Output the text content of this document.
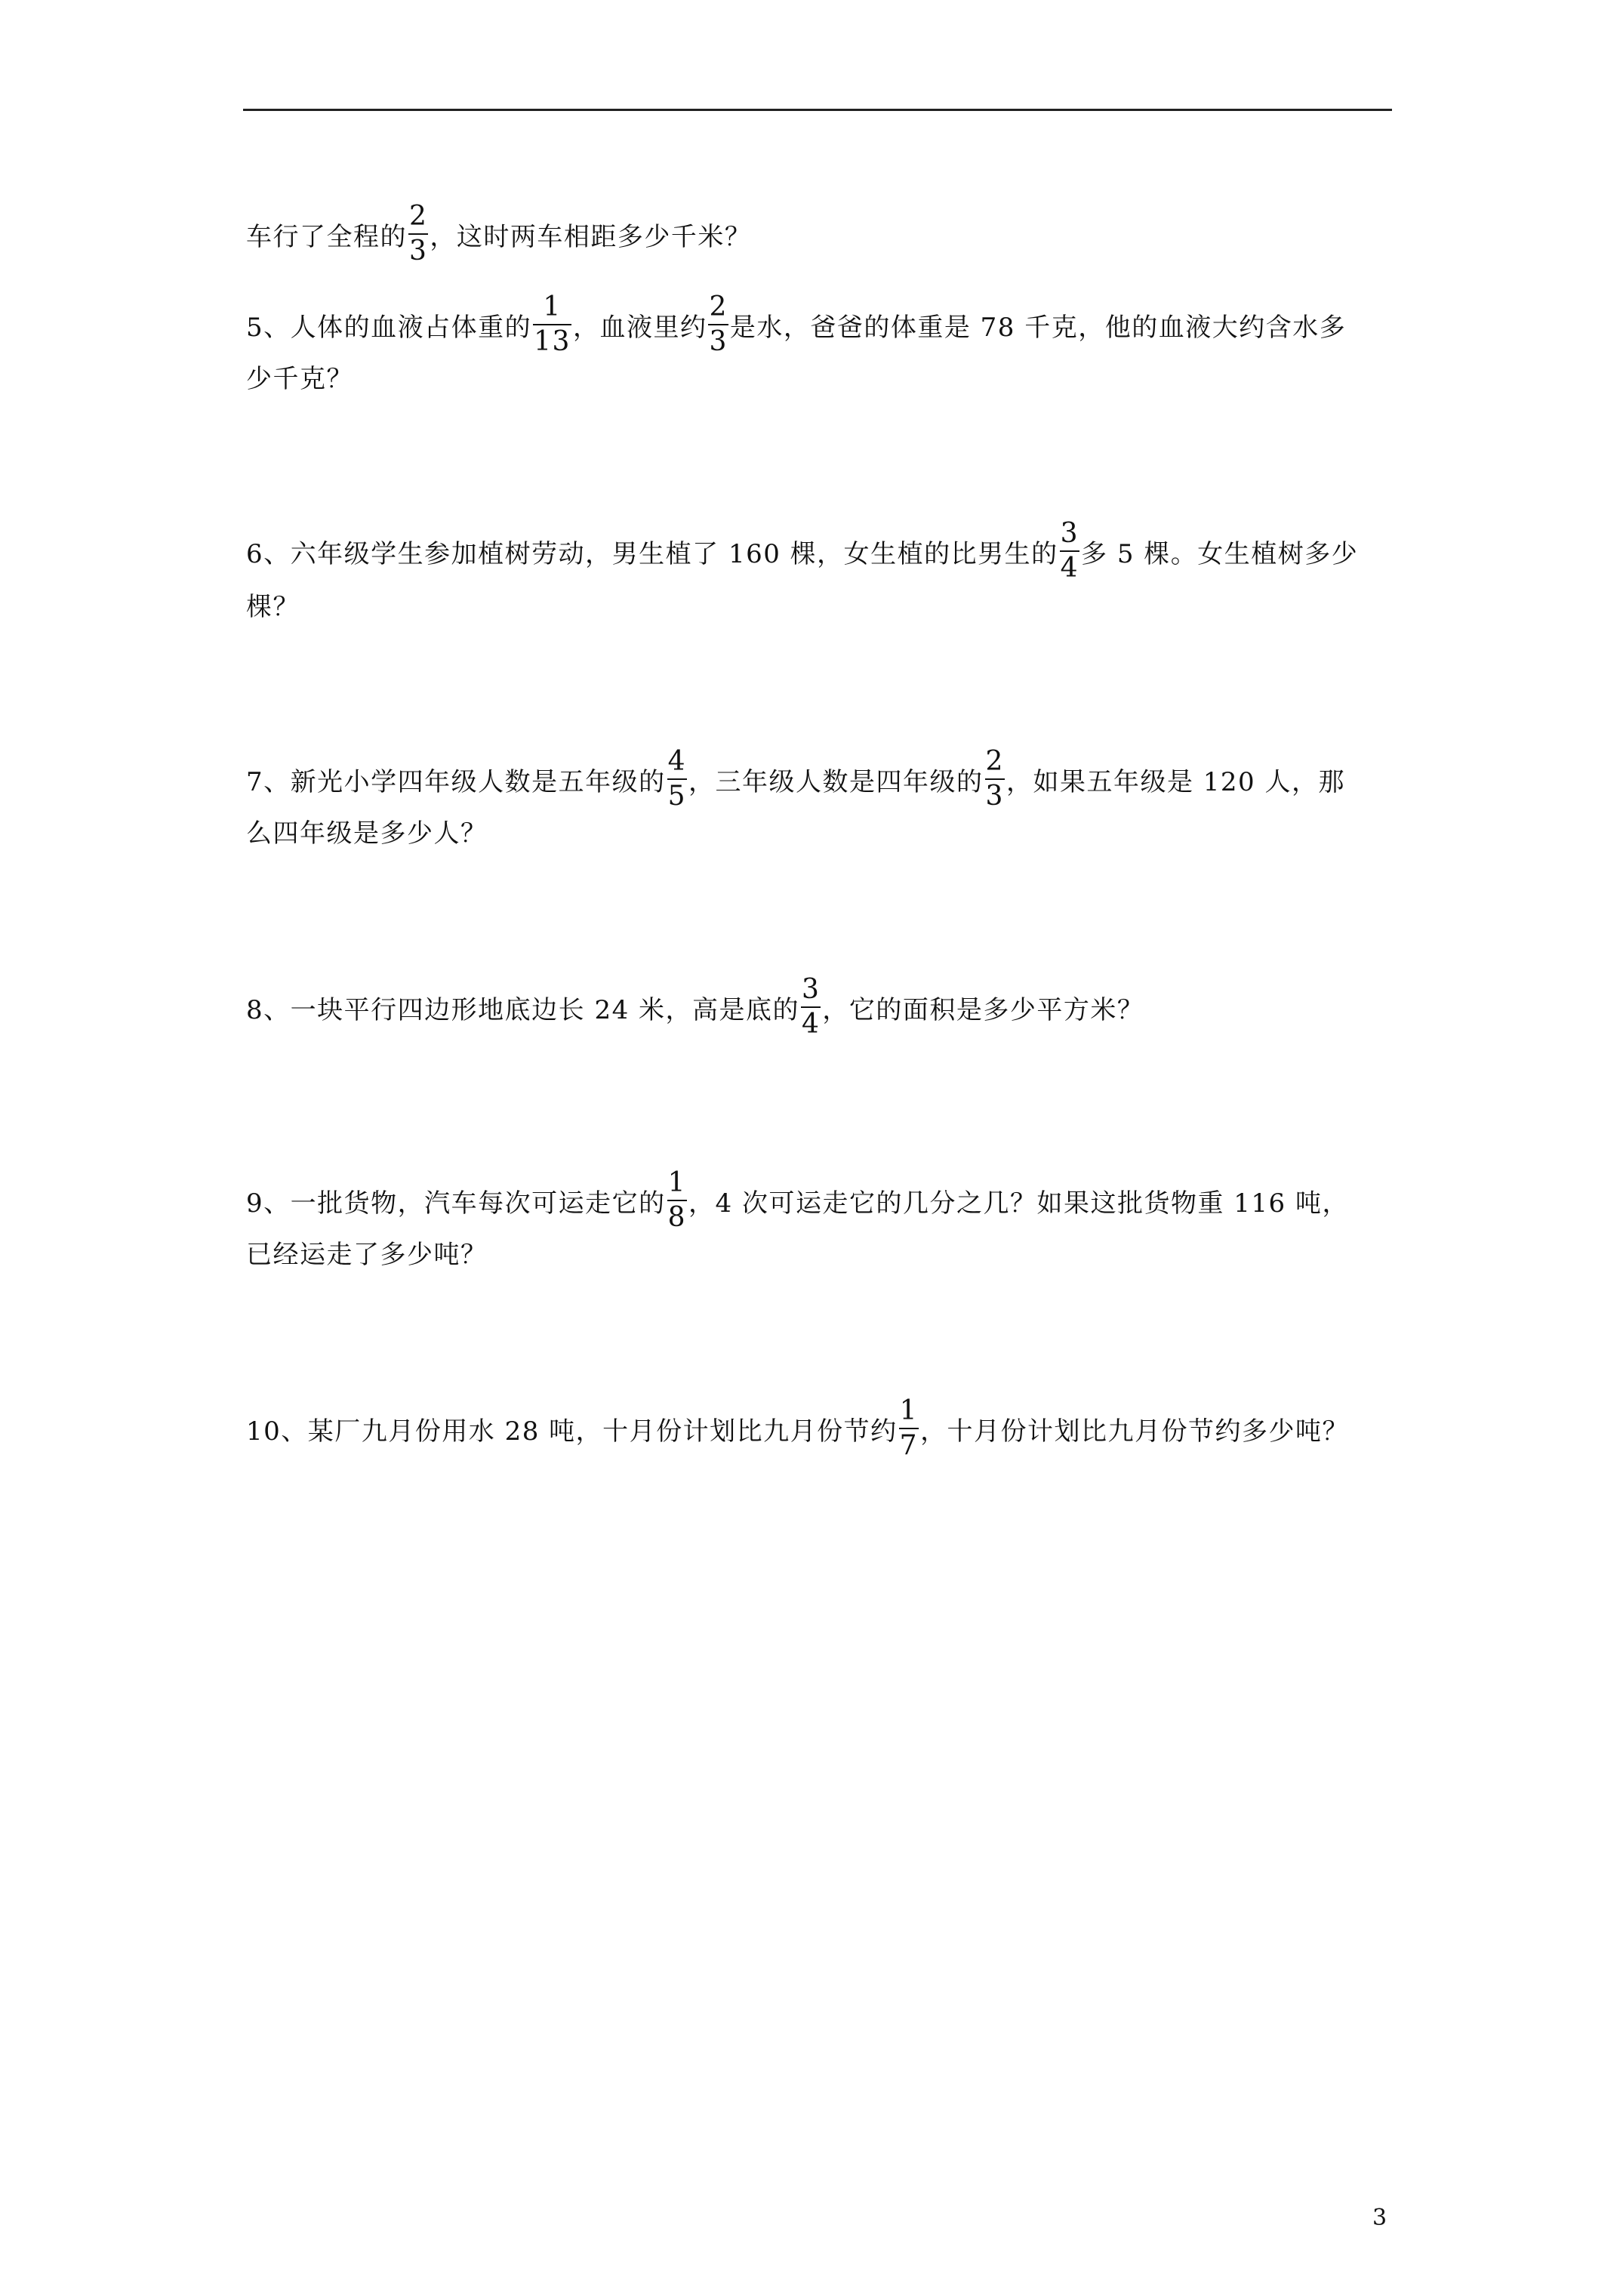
车行了全程的 $\frac{2}{3}$ ，这时两车相距多少千米？
5、人体的血液占体重的 $\frac{1}{13}$ ，血液里约 $\frac{2}{3}$ 是水，爸爸的体重是 78 千克，他的血液大约含水多
少千克？
6、六年级学生参加植树劳动，男生植了 160 棵，女生植的比男生的 $\frac{3}{4}$ 多 5 棵。女生植树多少
棵？
7、新光小学四年级人数是五年级的 $\frac{4}{5}$ ，三年级人数是四年级的 $\frac{2}{3}$ ，如果五年级是 120 人，那
么四年级是多少人？
8、一块平行四边形地底边长 24 米，高是底的 $\frac{3}{4}$ ，它的面积是多少平方米？
9、一批货物，汽车每次可运走它的 $\frac{1}{8}$ ，4 次可运走它的几分之几？如果这批货物重 116 吨，
已经运走了多少吨？
10、某厂九月份用水 28 吨，十月份计划比九月份节约 $\frac{1}{7}$ ，十月份计划比九月份节约多少吨？
3
